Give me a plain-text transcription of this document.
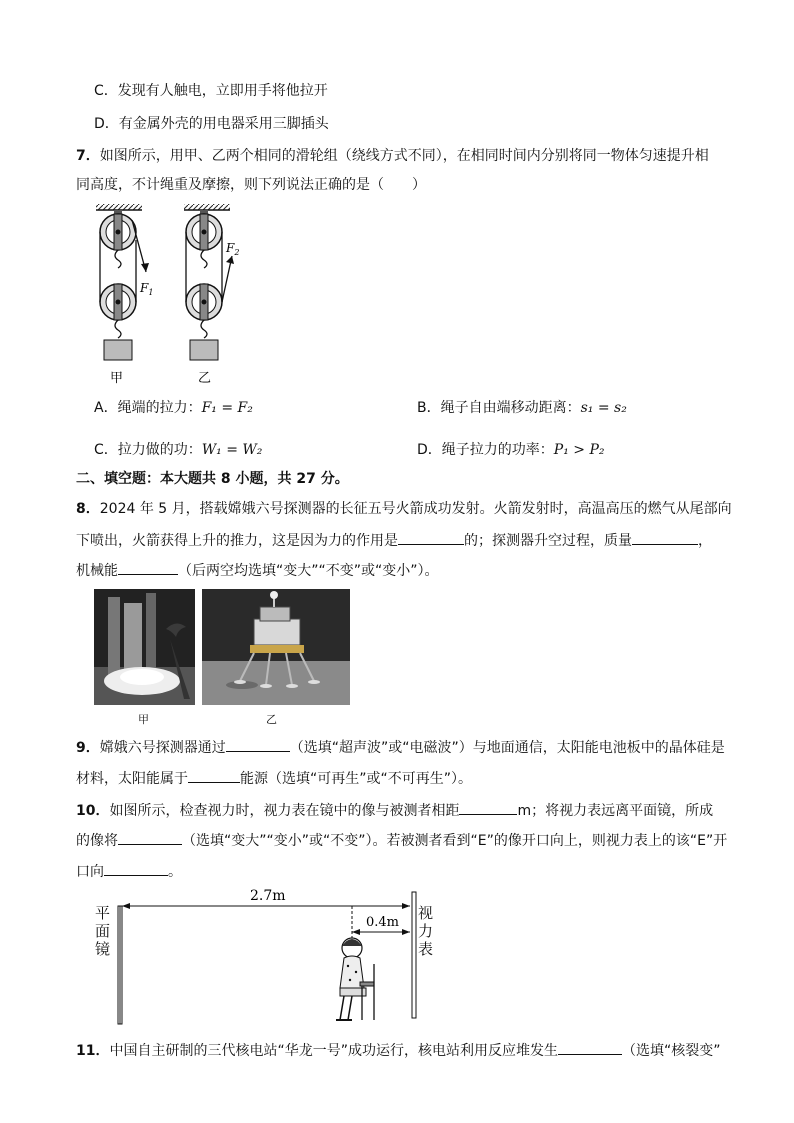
C．发现有人触电，立即用手将他拉开
D．有金属外壳的用电器采用三脚插头
7．如图所示，用甲、乙两个相同的滑轮组（绕线方式不同），在相同时间内分别将同一物体匀速提升相
同高度，不计绳重及摩擦，则下列说法正确的是（　　）
$F_1$
甲
$F_2$
乙
A．绳端的拉力：F₁ = F₂	B．绳子自由端移动距离：s₁ = s₂
C．拉力做的功：W₁ = W₂	D．绳子拉力的功率：P₁ > P₂
二、填空题：本大题共 8 小题，共 27 分。
8．2024 年 5 月，搭载嫦娥六号探测器的长征五号火箭成功发射。火箭发射时，高温高压的燃气从尾部向
下喷出，火箭获得上升的推力，这是因为力的作用是	的；探测器升空过程，质量	，
机械能	（后两空均选填“变大”“不变”或“变小”）。
甲	乙
9．嫦娥六号探测器通过	（选填“超声波”或“电磁波”）与地面通信，太阳能电池板中的晶体硅是
材料，太阳能属于	能源（选填“可再生”或“不可再生”）。
10．如图所示，检查视力时，视力表在镜中的像与被测者相距	m；将视力表远离平面镜，所成
的像将	（选填“变大”“变小”或“不变”）。若被测者看到“E”的像开口向上，则视力表上的该“E”开
口向	。
2.7m
0.4m
平
面
镜
视
力
表
11．中国自主研制的三代核电站“华龙一号”成功运行，核电站利用反应堆发生	（选填“核裂变”
